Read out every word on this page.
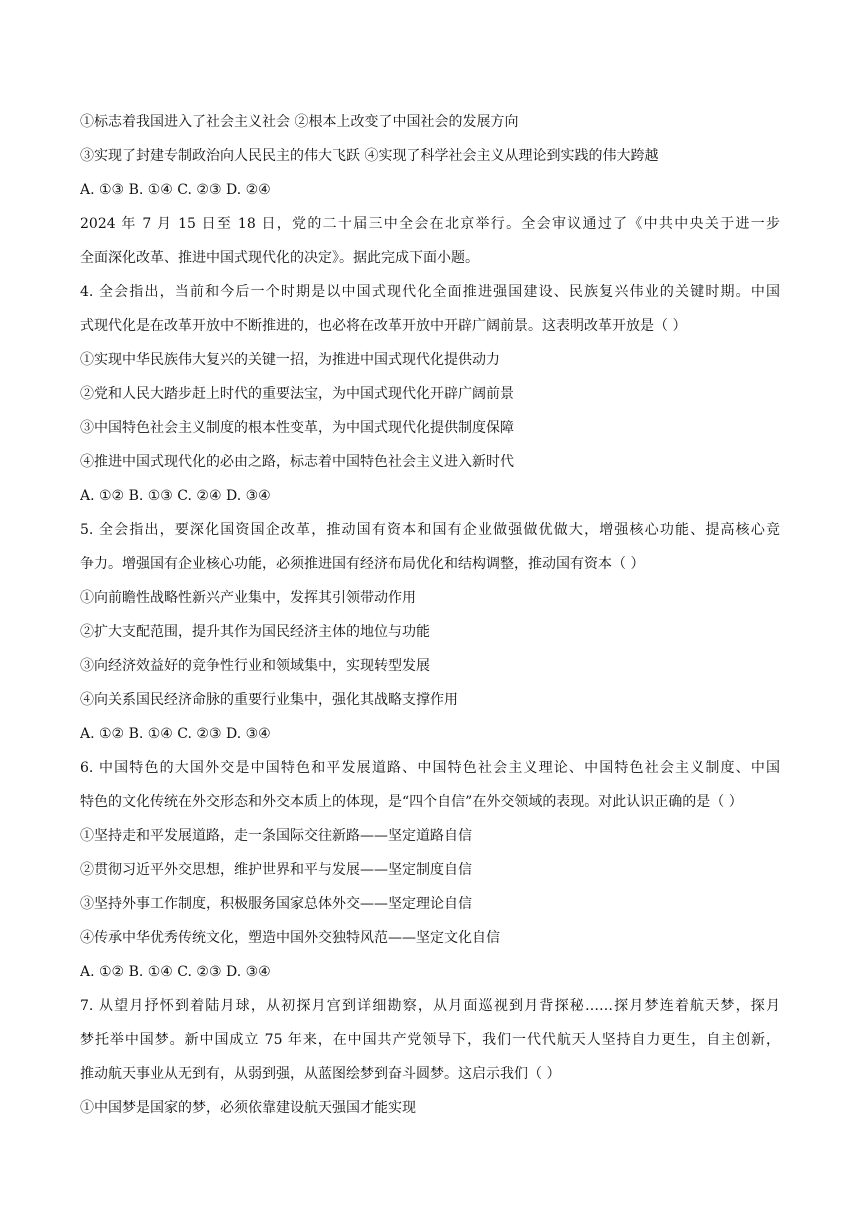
①标志着我国进入了社会主义社会 ②根本上改变了中国社会的发展方向
③实现了封建专制政治向人民民主的伟大飞跃 ④实现了科学社会主义从理论到实践的伟大跨越
A. ①③ B. ①④ C. ②③ D. ②④
2024 年 7 月 15 日至 18 日，党的二十届三中全会在北京举行。全会审议通过了《中共中央关于进一步
全面深化改革、推进中国式现代化的决定》。据此完成下面小题。
4. 全会指出，当前和今后一个时期是以中国式现代化全面推进强国建设、民族复兴伟业的关键时期。中国
式现代化是在改革开放中不断推进的，也必将在改革开放中开辟广阔前景。这表明改革开放是（ ）
①实现中华民族伟大复兴的关键一招，为推进中国式现代化提供动力
②党和人民大踏步赶上时代的重要法宝，为中国式现代化开辟广阔前景
③中国特色社会主义制度的根本性变革，为中国式现代化提供制度保障
④推进中国式现代化的必由之路，标志着中国特色社会主义进入新时代
A. ①② B. ①③ C. ②④ D. ③④
5. 全会指出，要深化国资国企改革，推动国有资本和国有企业做强做优做大，增强核心功能、提高核心竞
争力。增强国有企业核心功能，必须推进国有经济布局优化和结构调整，推动国有资本（ ）
①向前瞻性战略性新兴产业集中，发挥其引领带动作用
②扩大支配范围，提升其作为国民经济主体的地位与功能
③向经济效益好的竞争性行业和领域集中，实现转型发展
④向关系国民经济命脉的重要行业集中，强化其战略支撑作用
A. ①② B. ①④ C. ②③ D. ③④
6. 中国特色的大国外交是中国特色和平发展道路、中国特色社会主义理论、中国特色社会主义制度、中国
特色的文化传统在外交形态和外交本质上的体现，是“四个自信”在外交领域的表现。对此认识正确的是（ ）
①坚持走和平发展道路，走一条国际交往新路——坚定道路自信
②贯彻习近平外交思想，维护世界和平与发展——坚定制度自信
③坚持外事工作制度，积极服务国家总体外交——坚定理论自信
④传承中华优秀传统文化，塑造中国外交独特风范——坚定文化自信
A. ①② B. ①④ C. ②③ D. ③④
7. 从望月抒怀到着陆月球，从初探月宫到详细勘察，从月面巡视到月背探秘……探月梦连着航天梦，探月
梦托举中国梦。新中国成立 75 年来，在中国共产党领导下，我们一代代航天人坚持自力更生，自主创新，
推动航天事业从无到有，从弱到强，从蓝图绘梦到奋斗圆梦。这启示我们（ ）
①中国梦是国家的梦，必须依靠建设航天强国才能实现
